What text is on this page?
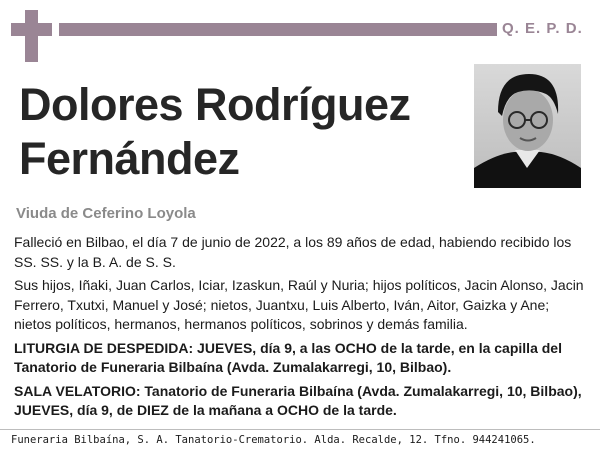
Q. E. P. D.
Dolores Rodríguez
Fernández
Viuda de Ceferino Loyola

Falleció en Bilbao, el día 7 de junio de 2022, a los 89 años de edad, habiendo recibido los SS. SS. y la B. A. de S. S.

Sus hijos, Iñaki, Juan Carlos, Iciar, Izaskun, Raúl y Nuria; hijos políticos, Jacin Alonso, Jacin Ferrero, Txutxi, Manuel y José; nietos, Juantxu, Luis Alberto, Iván, Aitor, Gaizka y Ane; nietos políticos, hermanos, hermanos políticos, sobrinos y demás familia.

LITURGIA DE DESPEDIDA: JUEVES, día 9, a las OCHO de la tarde, en la capilla del Tanatorio de Funeraria Bilbaína (Avda. Zumalakarregi, 10, Bilbao).

SALA VELATORIO: Tanatorio de Funeraria Bilbaína (Avda. Zumalakarregi, 10, Bilbao), JUEVES, día 9, de DIEZ de la mañana a OCHO de la tarde.

Funeraria Bilbaína, S. A. Tanatorio-Crematorio. Alda. Recalde, 12. Tfno. 944241065.
